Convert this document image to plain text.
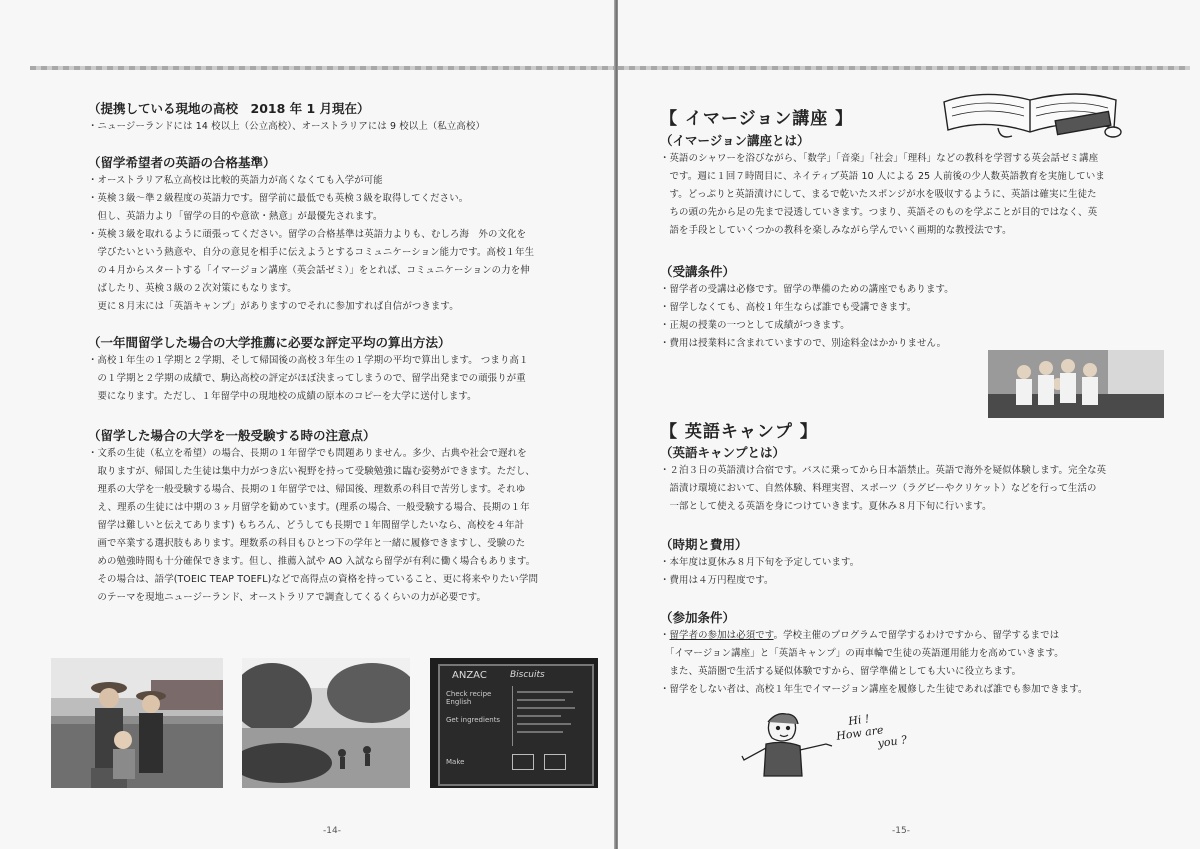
（提携している現地の高校　2018 年 1 月現在）

・ニュージーランドには 14 校以上（公立高校）、オーストラリアには 9 校以上（私立高校）

（留学希望者の英語の合格基準）

・オーストラリア私立高校は比較的英語力が高くなくても入学が可能

・英検３級～準２級程度の英語力です。留学前に最低でも英検３級を取得してください。

　但し、英語力より「留学の目的や意欲・熱意」が最優先されます。

・英検３級を取れるように頑張ってください。留学の合格基準は英語力よりも、むしろ海　外の文化を

　学びたいという熱意や、自分の意見を相手に伝えようとするコミュニケーション能力です。高校１年生

　の４月からスタートする「イマージョン講座（英会話ゼミ）」をとれば、コミュニケーションの力を伸

　ばしたり、英検３級の２次対策にもなります。

　更に８月末には「英語キャンプ」がありますのでそれに参加すれば自信がつきます。

（一年間留学した場合の大学推薦に必要な評定平均の算出方法）

・高校１年生の１学期と２学期、そして帰国後の高校３年生の１学期の平均で算出します。 つまり高１

　の１学期と２学期の成績で、駒込高校の評定がほぼ決まってしまうので、留学出発までの頑張りが重

　要になります。ただし、１年留学中の現地校の成績の原本のコピーを大学に送付します。

（留学した場合の大学を一般受験する時の注意点）

・文系の生徒（私立を希望）の場合、長期の１年留学でも問題ありません。多少、古典や社会で遅れを

　取りますが、帰国した生徒は集中力がつき広い視野を持って受験勉強に臨む姿勢ができます。ただし、

　理系の大学を一般受験する場合、長期の１年留学では、帰国後、理数系の科目で苦労します。それゆ

　え、理系の生徒には中期の３ヶ月留学を勧めています。(理系の場合、一般受験する場合、長期の１年

　留学は難しいと伝えてあります) もちろん、どうしても長期で１年間留学したいなら、高校を４年計

　画で卒業する選択肢もあります。理数系の科目もひとつ下の学年と一緒に履修できますし、受験のた

　めの勉強時間も十分確保できます。但し、推薦入試や AO 入試なら留学が有利に働く場合もあります。

　その場合は、語学(TOEIC TEAP TOEFL)などで高得点の資格を持っていること、更に将来やりたい学問

　のテーマを現地ニュージーランド、オーストラリアで調査してくるくらいの力が必要です。

ANZAC	Biscuits
Check recipe English
Get ingredients
Make
-14-
【 イマージョン講座 】
（イマージョン講座とは）

・英語のシャワーを浴びながら、「数学」「音楽」「社会」「理科」などの教科を学習する英会話ゼミ講座

　です。週に１回７時間目に、ネイティブ英語 10 人による 25 人前後の少人数英語教育を実施していま

　す。どっぷりと英語漬けにして、まるで乾いたスポンジが水を吸収するように、英語は確実に生徒た

　ちの頭の先から足の先まで浸透していきます。つまり、英語そのものを学ぶことが目的ではなく、英

　語を手段としていくつかの教科を楽しみながら学んでいく画期的な教授法です。

（受講条件）

・留学者の受講は必修です。留学の準備のための講座でもあります。

・留学しなくても、高校１年生ならば誰でも受講できます。

・正規の授業の一つとして成績がつきます。

・費用は授業料に含まれていますので、別途料金はかかりません。

【 英語キャンプ 】
（英語キャンプとは）

・２泊３日の英語漬け合宿です。バスに乗ってから日本語禁止。英語で海外を疑似体験します。完全な英

　語漬け環境において、自然体験、料理実習、スポーツ（ラグビーやクリケット）などを行って生活の

　一部として使える英語を身につけていきます。夏休み８月下旬に行います。

（時期と費用）

・本年度は夏休み８月下旬を予定しています。

・費用は４万円程度です。

（参加条件）

・留学者の参加は必須です。学校主催のプログラムで留学するわけですから、留学するまでは

　「イマージョン講座」と「英語キャンプ」の両車輪で生徒の英語運用能力を高めていきます。

　また、英語圏で生活する疑似体験ですから、留学準備としても大いに役立ちます。

・留学をしない者は、高校１年生でイマージョン講座を履修した生徒であれば誰でも参加できます。

Hi !
How are
you ?
-15-
